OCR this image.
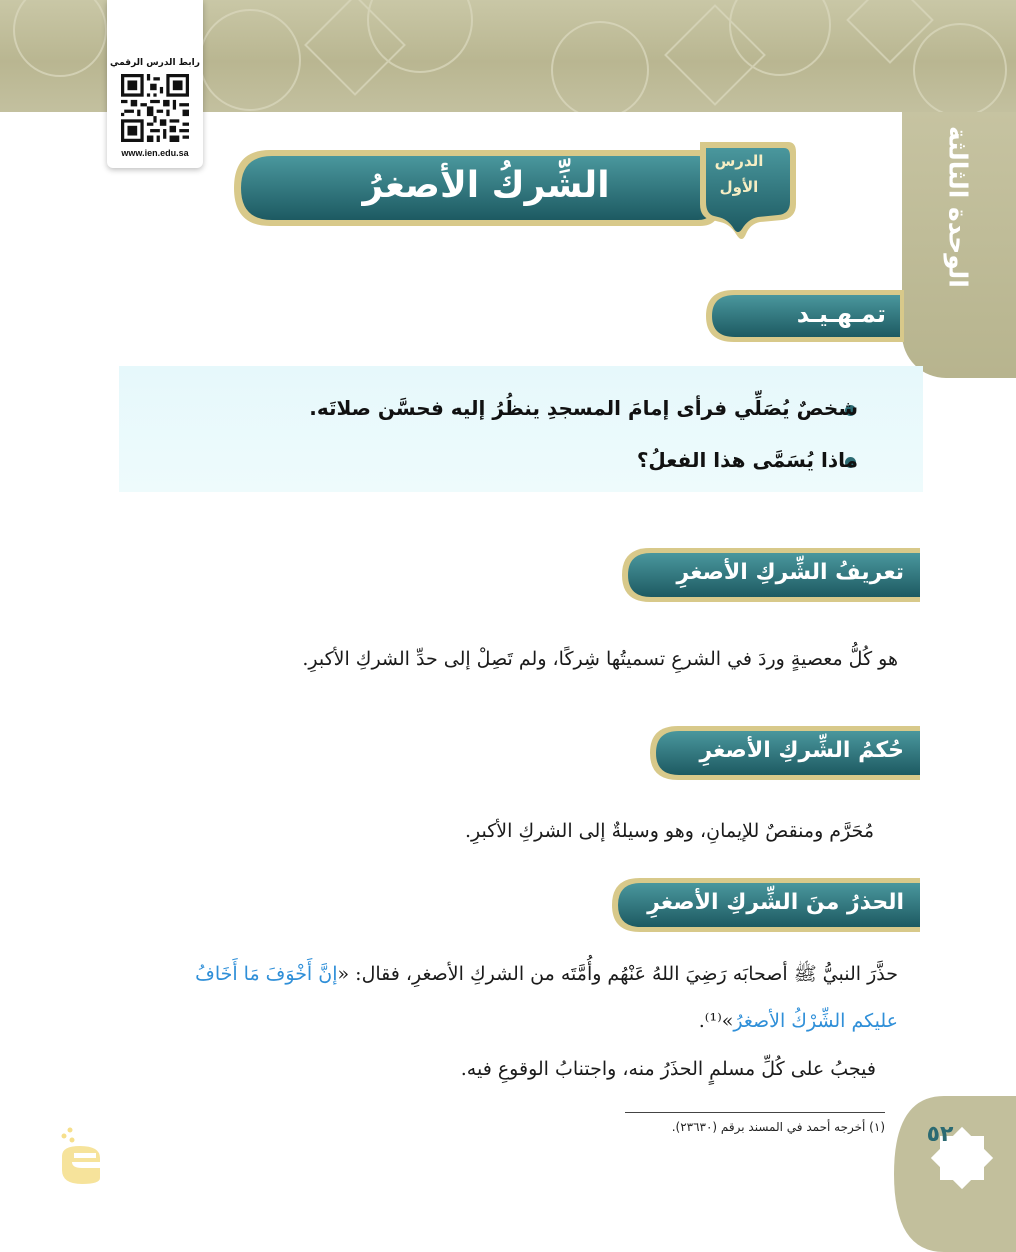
الوحدة الثالثة
رابط الدرس الرقمي
www.ien.edu.sa
الشِّركُ الأصغرُ
الدرس
الأول
تمـهـيـد
شخصٌ يُصَلِّي فرأى إمامَ المسجدِ ينظُرُ إليه فحسَّن صلاتَه.
ماذا يُسَمَّى هذا الفعلُ؟
تعريفُ الشِّركِ الأصغرِ
هو كُلُّ معصيةٍ وردَ في الشرعِ تسميتُها شِركًا، ولم تَصِلْ إلى حدِّ الشركِ الأكبرِ.
حُكمُ الشِّركِ الأصغرِ
مُحَرَّم ومنقصٌ للإيمانِ، وهو وسيلةٌ إلى الشركِ الأكبرِ.
الحذرُ منَ الشِّركِ الأصغرِ
حذَّرَ النبيُّ ﷺ أصحابَه رَضِيَ اللهُ عَنْهُم وأُمَّتَه من الشركِ الأصغرِ، فقال: «إنَّ أَخْوَفَ مَا أَخَافُ
عليكم الشِّرْكُ الأصغرُ»⁽¹⁾.
فيجبُ على كُلِّ مسلمٍ الحذَرُ منه، واجتنابُ الوقوعِ فيه.
(١) أخرجه أحمد في المسند برقم (٢٣٦٣٠).	٥٢
